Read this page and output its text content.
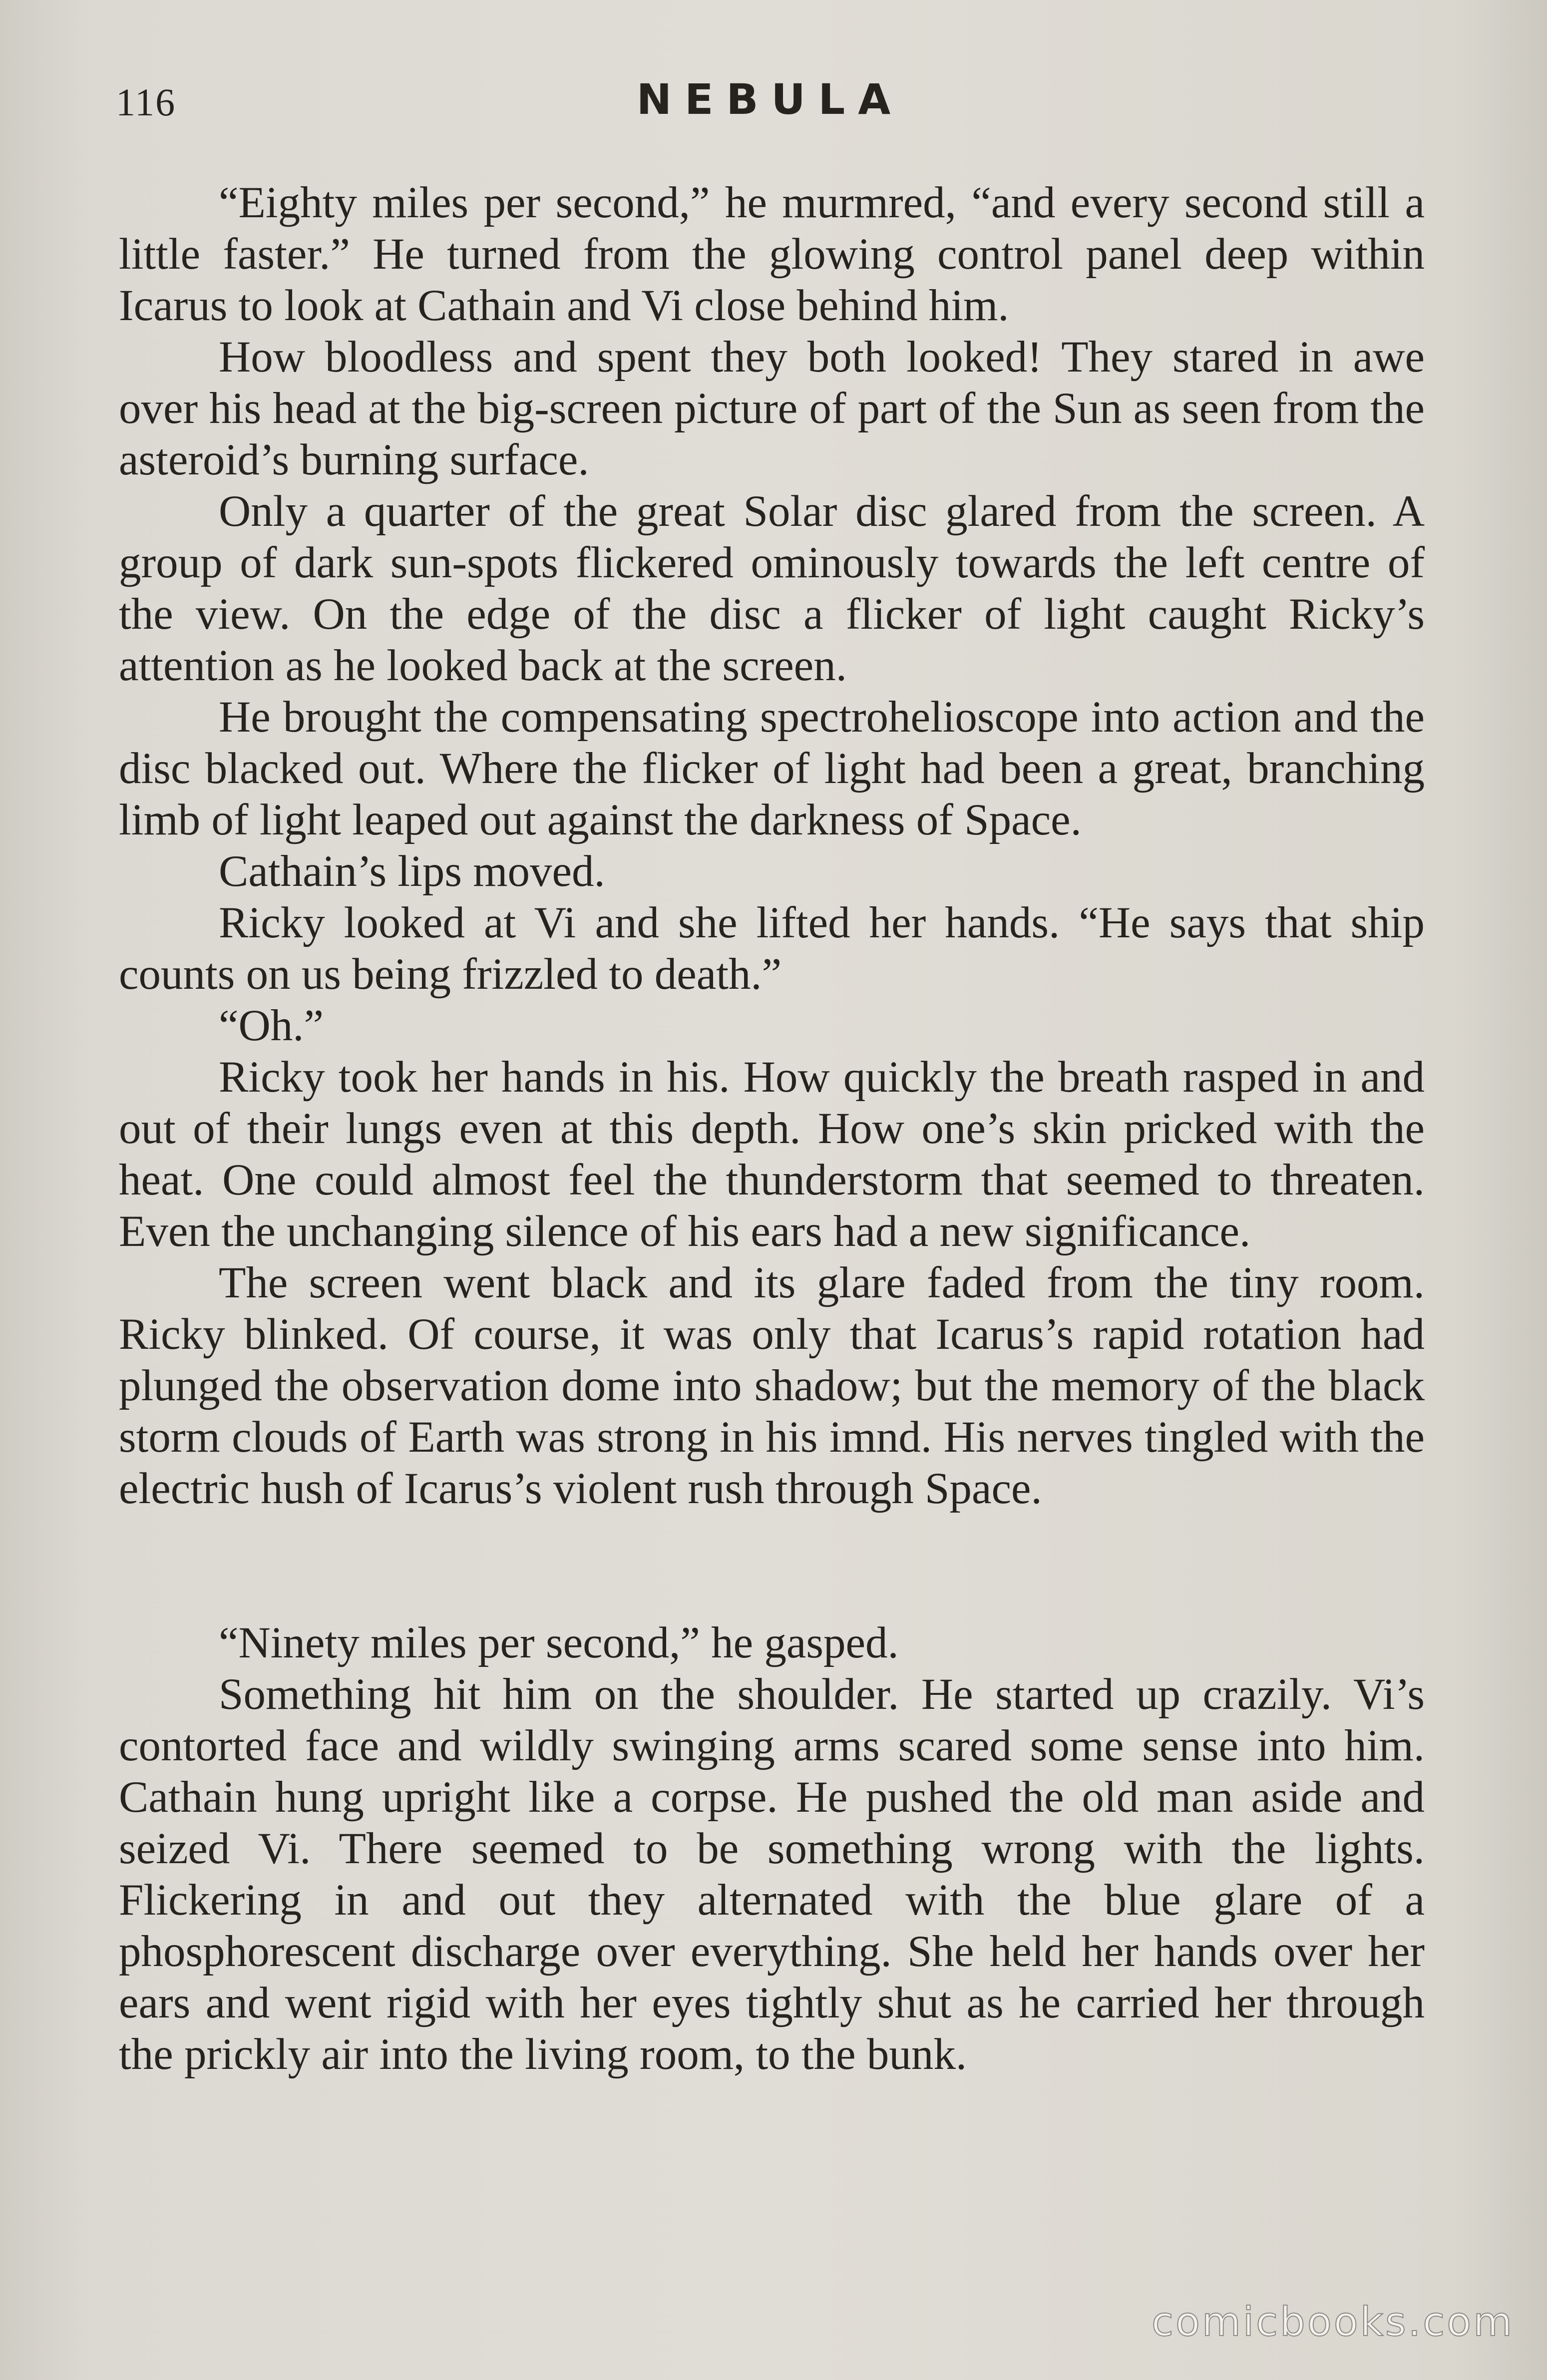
116	NEBULA

“Eighty miles per second,” he murmred, “and every second still a little faster.” He turned from the glowing control panel deep within Icarus to look at Cathain and Vi close behind him.

How bloodless and spent they both looked! They stared in awe over his head at the big-screen picture of part of the Sun as seen from the asteroid’s burning surface.

Only a quarter of the great Solar disc glared from the screen. A group of dark sun-spots flickered ominously towards the left centre of the view. On the edge of the disc a flicker of light caught Ricky’s attention as he looked back at the screen.

He brought the compensating spectrohelioscope into action and the disc blacked out. Where the flicker of light had been a great, branching limb of light leaped out against the darkness of Space.

Cathain’s lips moved.

Ricky looked at Vi and she lifted her hands. “He says that ship counts on us being frizzled to death.”

“Oh.”

Ricky took her hands in his. How quickly the breath rasped in and out of their lungs even at this depth. How one’s skin pricked with the heat. One could almost feel the thunderstorm that seemed to threaten. Even the unchanging silence of his ears had a new significance.

The screen went black and its glare faded from the tiny room. Ricky blinked. Of course, it was only that Icarus’s rapid rotation had plunged the observation dome into shadow; but the memory of the black storm clouds of Earth was strong in his imnd. His nerves tingled with the electric hush of Icarus’s violent rush through Space.

“Ninety miles per second,” he gasped.

Something hit him on the shoulder. He started up crazily. Vi’s contorted face and wildly swinging arms scared some sense into him. Cathain hung upright like a corpse. He pushed the old man aside and seized Vi. There seemed to be something wrong with the lights. Flickering in and out they alternated with the blue glare of a phosphorescent discharge over everything. She held her hands over her ears and went rigid with her eyes tightly shut as he carried her through the prickly air into the living room, to the bunk.

comicbooks.com
